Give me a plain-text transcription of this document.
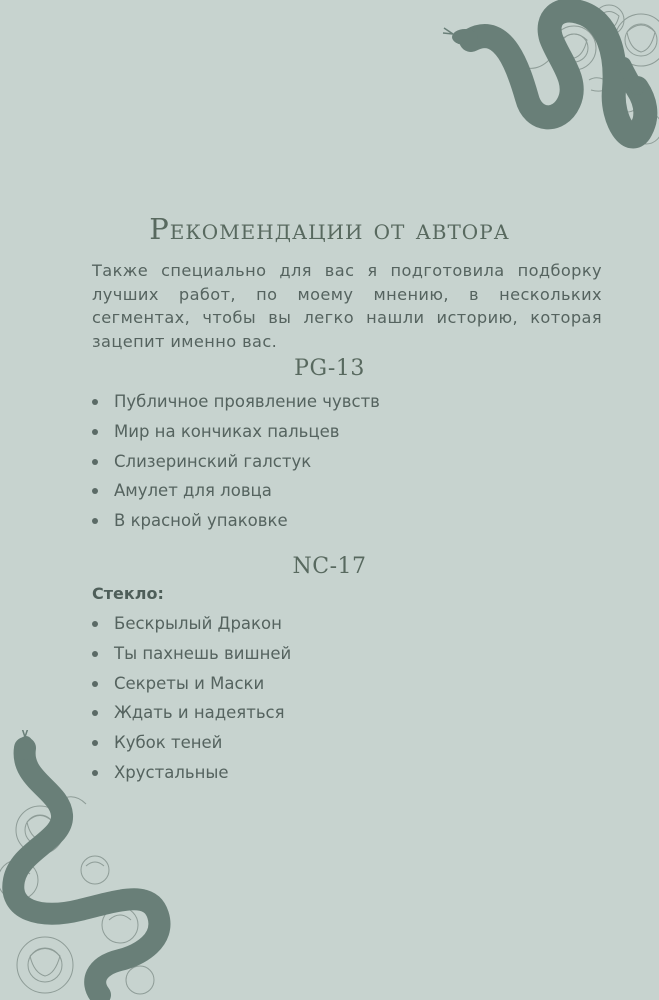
Рекомендации от автора

Также специально для вас я подготовила подборку лучших работ, по моему мнению, в нескольких сегментах, чтобы вы легко нашли историю, которая зацепит именно вас.

PG-13
Публичное проявление чувств
Мир на кончиках пальцев
Слизеринский галстук
Амулет для ловца
В красной упаковке
NC-17
Стекло:
Бескрылый Дракон
Ты пахнешь вишней
Секреты и Маски
Ждать и надеяться
Кубок теней
Хрустальные
